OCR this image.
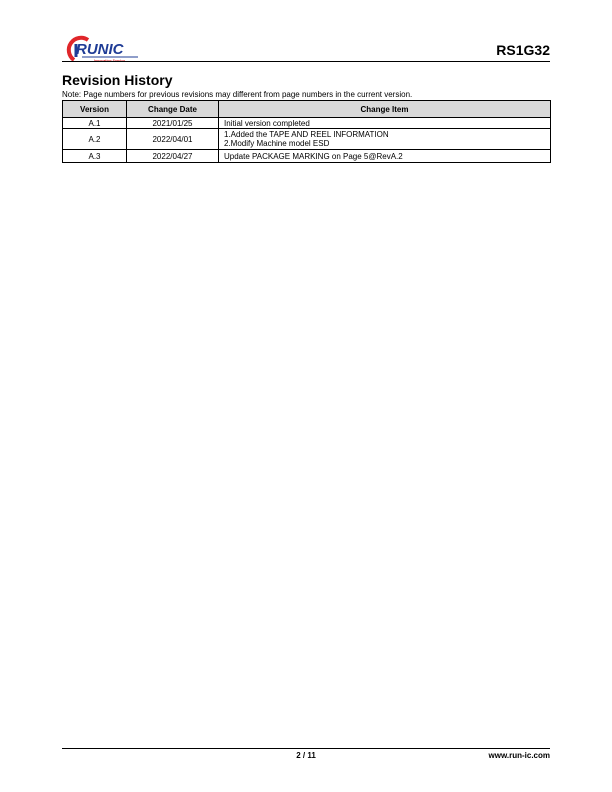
RUNIC
Innovation Service
RS1G32
Revision History
Note: Page numbers for previous revisions may different from page numbers in the current version.
Version	Change Date	Change Item
A.1	2021/01/25	Initial version completed

A.2	2022/04/01	1.Added the TAPE AND REEL INFORMATION
2.Modify Machine model ESD

A.3	2022/04/27	Update PACKAGE MARKING on Page 5@RevA.2
2 / 11	www.run-ic.com
